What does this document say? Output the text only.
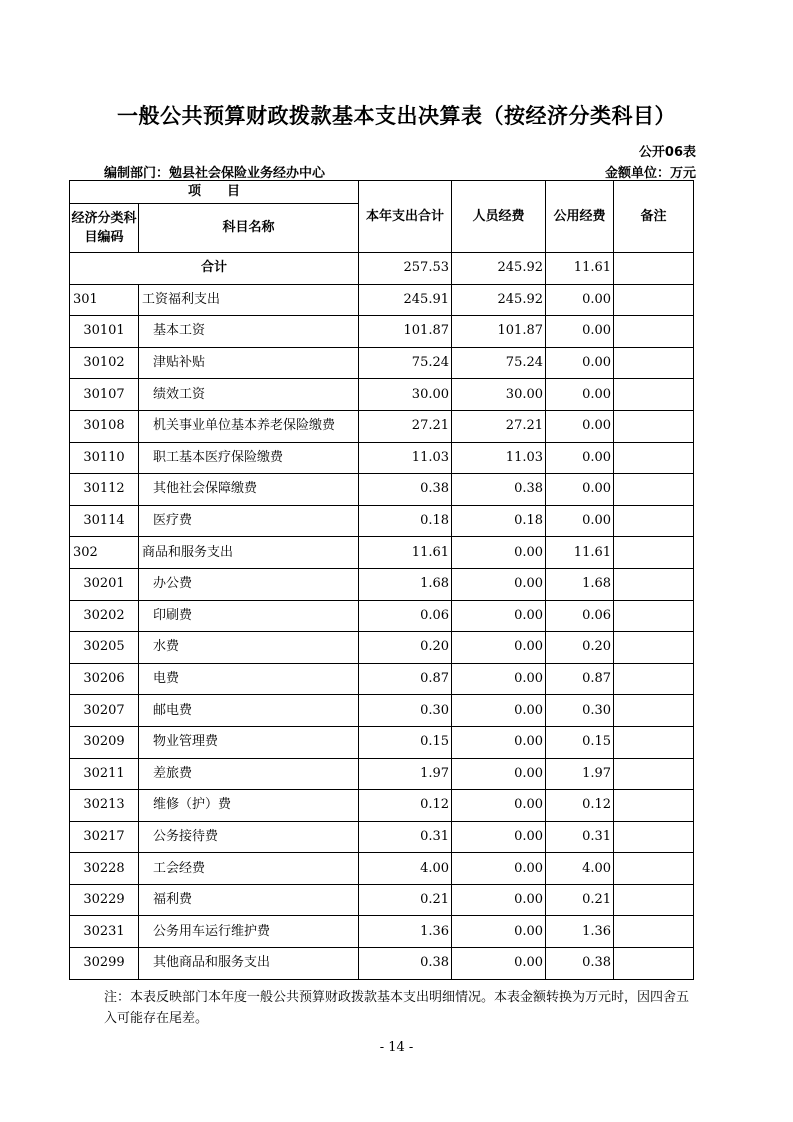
一般公共预算财政拨款基本支出决算表（按经济分类科目）
公开06表
编制部门：勉县社会保险业务经办中心	金额单位：万元
项　　目		本年支出合计	人员经费	公用经费	备注
经济分类科目编码	科目名称				
合计		257.53	245.92	11.61	
301	工资福利支出	245.91	245.92	0.00	
30101	基本工资	101.87	101.87	0.00	
30102	津贴补贴	75.24	75.24	0.00	
30107	绩效工资	30.00	30.00	0.00	
30108	机关事业单位基本养老保险缴费	27.21	27.21	0.00	
30110	职工基本医疗保险缴费	11.03	11.03	0.00	
30112	其他社会保障缴费	0.38	0.38	0.00	
30114	医疗费	0.18	0.18	0.00	
302	商品和服务支出	11.61	0.00	11.61	
30201	办公费	1.68	0.00	1.68	
30202	印刷费	0.06	0.00	0.06	
30205	水费	0.20	0.00	0.20	
30206	电费	0.87	0.00	0.87	
30207	邮电费	0.30	0.00	0.30	
30209	物业管理费	0.15	0.00	0.15	
30211	差旅费	1.97	0.00	1.97	
30213	维修（护）费	0.12	0.00	0.12	
30217	公务接待费	0.31	0.00	0.31	
30228	工会经费	4.00	0.00	4.00	
30229	福利费	0.21	0.00	0.21	
30231	公务用车运行维护费	1.36	0.00	1.36	
30299	其他商品和服务支出	0.38	0.00	0.38	
注：本表反映部门本年度一般公共预算财政拨款基本支出明细情况。本表金额转换为万元时，因四舍五入可能存在尾差。
- 14 -
